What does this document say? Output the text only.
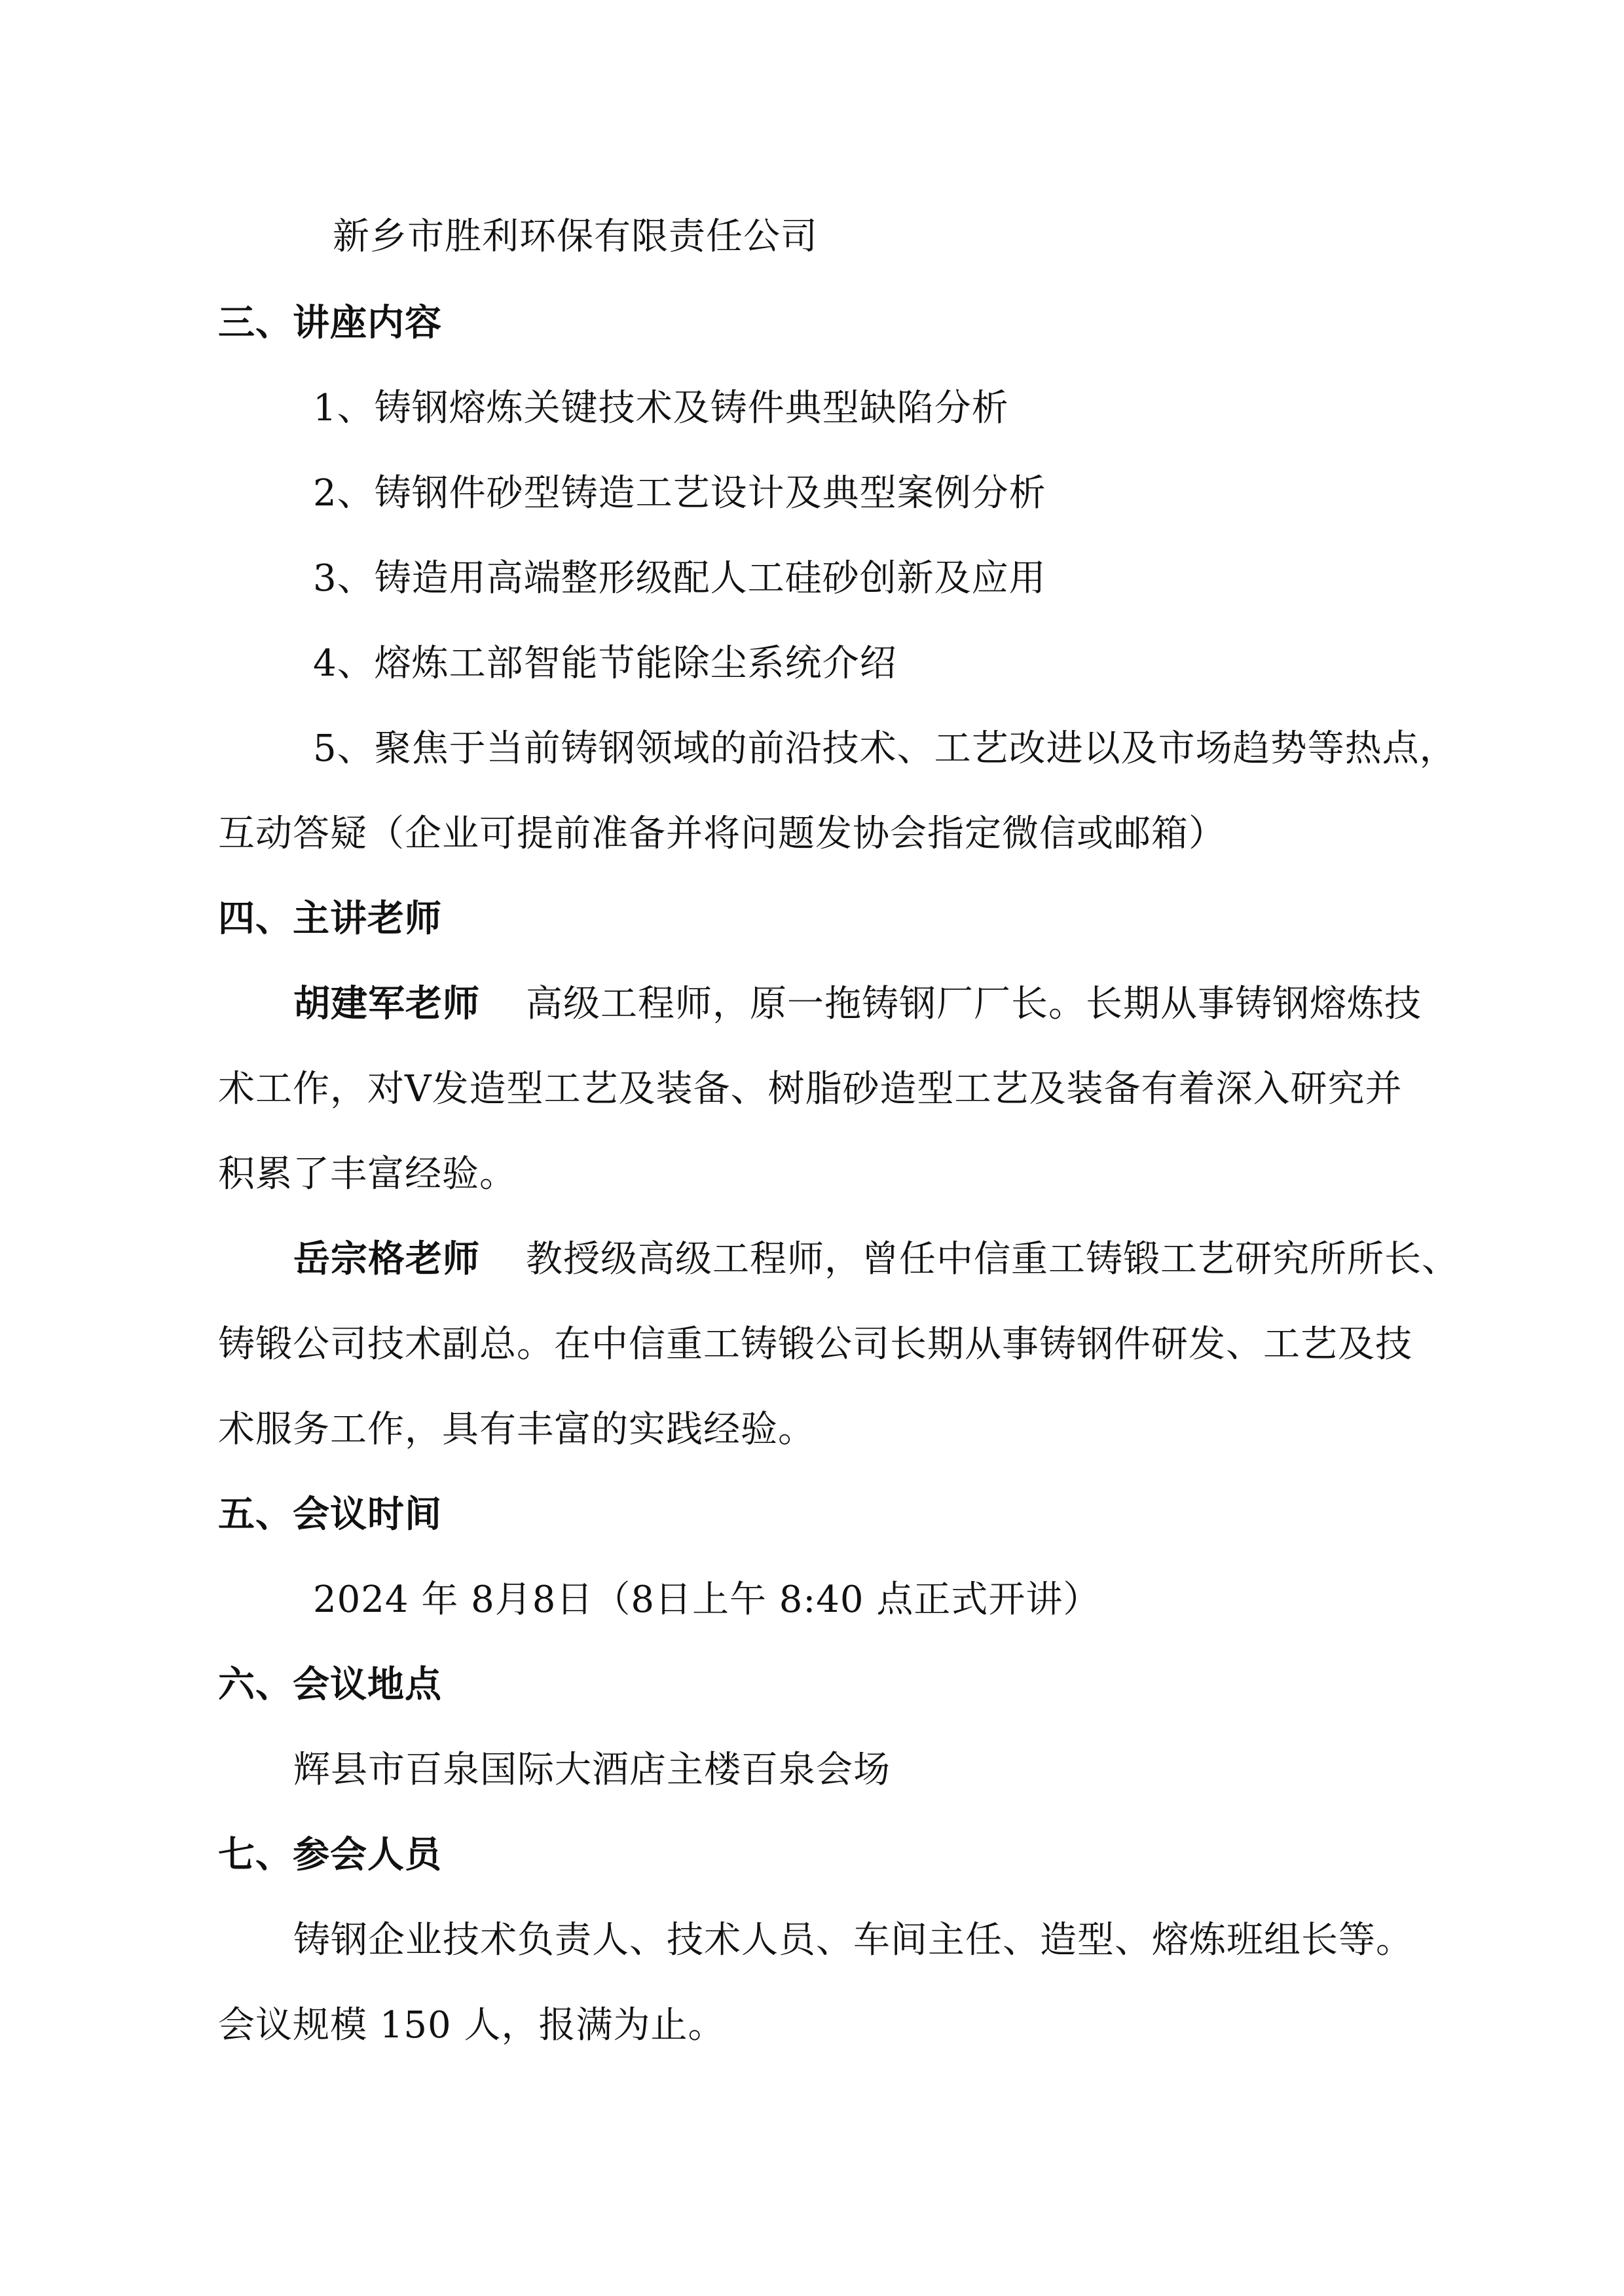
新乡市胜利环保有限责任公司
三、讲座内容
1、铸钢熔炼关键技术及铸件典型缺陷分析
2、铸钢件砂型铸造工艺设计及典型案例分析
3、铸造用高端整形级配人工硅砂创新及应用
4、熔炼工部智能节能除尘系统介绍
5、聚焦于当前铸钢领域的前沿技术、工艺改进以及市场趋势等热点，
互动答疑（企业可提前准备并将问题发协会指定微信或邮箱）
四、主讲老师
胡建军老师 高级工程师，原一拖铸钢厂厂长。长期从事铸钢熔炼技
术工作，对V发造型工艺及装备、树脂砂造型工艺及装备有着深入研究并
积累了丰富经验。
岳宗格老师 教授级高级工程师，曾任中信重工铸锻工艺研究所所长、
铸锻公司技术副总。在中信重工铸锻公司长期从事铸钢件研发、工艺及技
术服务工作，具有丰富的实践经验。
五、会议时间
2024 年 8月8日（8日上午 8:40 点正式开讲）
六、会议地点
辉县市百泉国际大酒店主楼百泉会场
七、参会人员
铸钢企业技术负责人、技术人员、车间主任、造型、熔炼班组长等。
会议规模 150 人，报满为止。
